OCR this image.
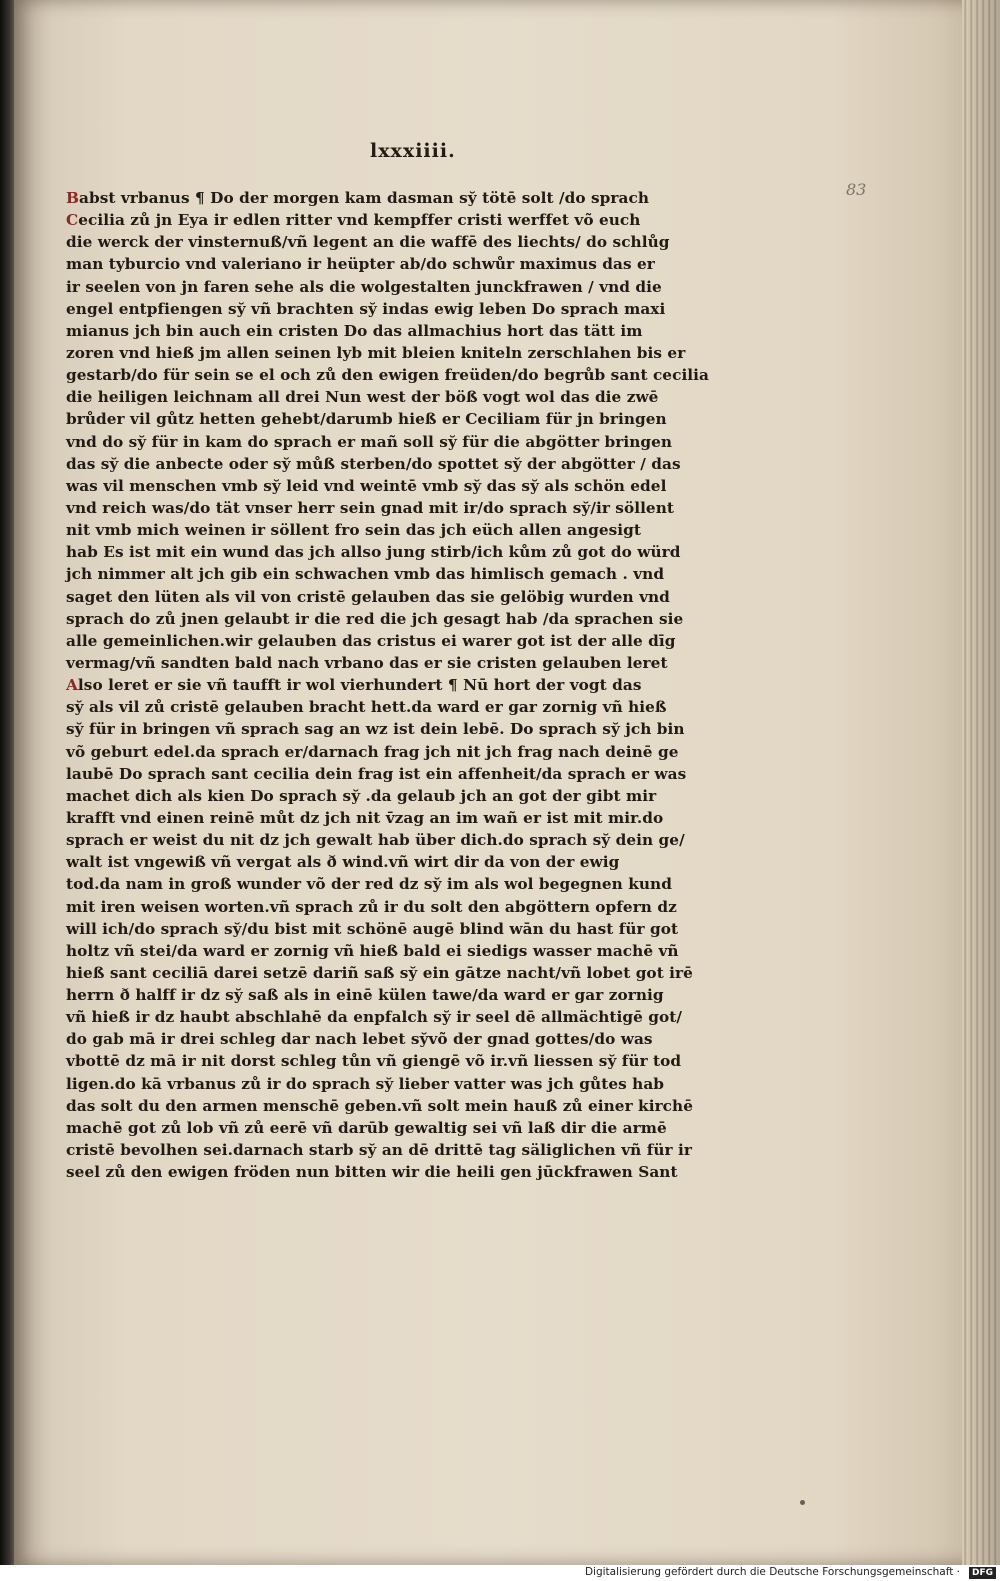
lxxxiiii.
83
Babst vrbanus ¶ Do der morgen kam dasman sy̆ tötē solt /do sprach
Cecilia zů jn Eya ir edlen ritter vnd kempffer cristi werffet võ euch
die werck der vinsternuß/vñ legent an die waffē des liechts/ do schlůg
man tyburcio vnd valeriano ir heüpter ab/do schwůr maximus das er
ir seelen von jn faren sehe als die wolgestalten junckfrawen / vnd die
engel entpfiengen sy̆ vñ brachten sy̆ indas ewig leben Do sprach maxi
mianus jch bin auch ein cristen Do das allmachius hort das tätt im
zoren vnd hieß jm allen seinen lyb mit bleien kniteln zerschlahen bis er
gestarb/do für sein se el och zů den ewigen freüden/do begrůb sant cecilia
die heiligen leichnam all drei Nun west der böß vogt wol das die zwē
brůder vil gůtz hetten gehebt/darumb hieß er Ceciliam für jn bringen
vnd do sy̆ für in kam do sprach er mañ soll sy̆ für die abgötter bringen
das sy̆ die anbecte oder sy̆ můß sterben/do spottet sy̆ der abgötter / das
was vil menschen vmb sy̆ leid vnd weintē vmb sy̆ das sy̆ als schön edel
vnd reich was/do tät vnser herr sein gnad mit ir/do sprach sy̆/ir söllent
nit vmb mich weinen ir söllent fro sein das jch eüch allen angesigt
hab Es ist mit ein wund das jch allso jung stirb/ich kům zů got do würd
jch nimmer alt jch gib ein schwachen vmb das himlisch gemach . vnd
saget den lüten als vil von cristē gelauben das sie gelöbig wurden vnd
sprach do zů jnen gelaubt ir die red die jch gesagt hab /da sprachen sie
alle gemeinlichen.wir gelauben das cristus ei warer got ist der alle dīg
vermag/vñ sandten bald nach vrbano das er sie cristen gelauben leret
Also leret er sie vñ taufft ir wol vierhundert ¶ Nū hort der vogt das
sy̆ als vil zů cristē gelauben bracht hett.da ward er gar zornig vñ hieß
sy̆ für in bringen vñ sprach sag an wz ist dein lebē. Do sprach sy̆ jch bin
võ geburt edel.da sprach er/darnach frag jch nit jch frag nach deinē ge
laubē Do sprach sant cecilia dein frag ist ein affenheit/da sprach er was
machet dich als kien Do sprach sy̆ .da gelaub jch an got der gibt mir
krafft vnd einen reinē můt dz jch nit v̄zag an im wañ er ist mit mir.do
sprach er weist du nit dz jch gewalt hab über dich.do sprach sy̆ dein ge/
walt ist vngewiß vñ vergat als ð wind.vñ wirt dir da von der ewig
tod.da nam in groß wunder võ der red dz sy̆ im als wol begegnen kund
mit iren weisen worten.vñ sprach zů ir du solt den abgöttern opfern dz
will ich/do sprach sy̆/du bist mit schönē augē blind wān du hast für got
holtz vñ stei/da ward er zornig vñ hieß bald ei siedigs wasser machē vñ
hieß sant ceciliā darei setzē dariñ saß sy̆ ein gātze nacht/vñ lobet got irē
herrn ð halff ir dz sy̆ saß als in einē külen tawe/da ward er gar zornig
vñ hieß ir dz haubt abschlahē da enpfalch sy̆ ir seel dē allmächtigē got/
do gab mā ir drei schleg dar nach lebet sy̆võ der gnad gottes/do was
vbottē dz mā ir nit dorst schleg tůn vñ giengē võ ir.vñ liessen sy̆ für tod
ligen.do kā vrbanus zů ir do sprach sy̆ lieber vatter was jch gůtes hab
das solt du den armen menschē geben.vñ solt mein hauß zů einer kirchē
machē got zů lob vñ zů eerē vñ darūb gewaltig sei vñ laß dir die armē
cristē bevolhen sei.darnach starb sy̆ an dē drittē tag säliglichen vñ für ir
seel zů den ewigen fröden nun bitten wir die heili gen jūckfrawen Sant
Digitalisierung gefördert durch die Deutsche Forschungsgemeinschaft ·	DFG
